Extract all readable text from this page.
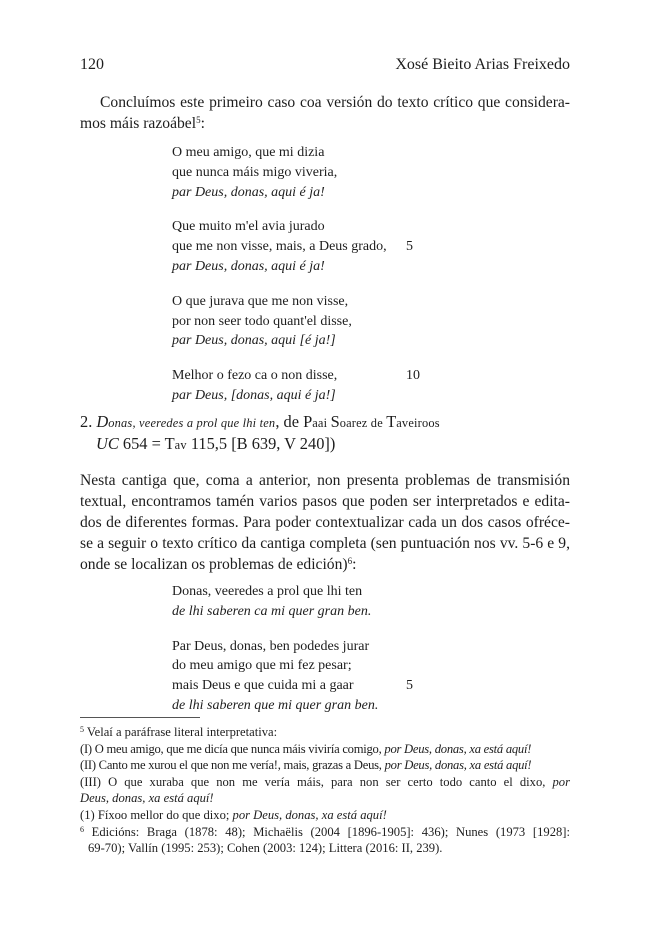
120	Xosé Bieito Arias Freixedo
Concluímos este primeiro caso coa versión do texto crítico que considera-
mos máis razoábel$^5$:
O meu amigo, que mi dizia
que nunca máis migo viveria,
par Deus, donas, aqui é ja!
Que muito m'el avia jurado
que me non visse, mais, a Deus grado, 5
par Deus, donas, aqui é ja!
O que jurava que me non visse,
por non seer todo quant'el disse,
par Deus, donas, aqui [é ja!]
Melhor o fezo ca o non disse,	10
par Deus, [donas, aqui é ja!]
2. Donas, veeredes a prol que lhi ten, de Paai Soarez de Taveiroos
UC 654 = Tav 115,5 [B 639, V 240])
Nesta cantiga que, coma a anterior, non presenta problemas de transmisión
textual, encontramos tamén varios pasos que poden ser interpretados e edita-
dos de diferentes formas. Para poder contextualizar cada un dos casos ofréce-
se a seguir o texto crítico da cantiga completa (sen puntuación nos vv. 5-6 e 9,
onde se localizan os problemas de edición)$^6$:
Donas, veeredes a prol que lhi ten
de lhi saberen ca mi quer gran ben.
Par Deus, donas, ben podedes jurar
do meu amigo que mi fez pesar;
mais Deus e que cuida mi a gaar	5
de lhi saberen que mi quer gran ben.
$^5$ Velaí a paráfrase literal interpretativa:
(I) O meu amigo, que me dicía que nunca máis viviría comigo, por Deus, donas, xa está aquí!
(II) Canto me xurou el que non me vería!, mais, grazas a Deus, por Deus, donas, xa está aquí!
(III) O que xuraba que non me vería máis, para non ser certo todo canto el dixo, por
Deus, donas, xa está aquí!
(1) Fíxoo mellor do que dixo; por Deus, donas, xa está aquí!
$^6$ Edicións: Braga (1878: 48); Michaëlis (2004 [1896-1905]: 436); Nunes (1973 [1928]:
69-70); Vallín (1995: 253); Cohen (2003: 124); Littera (2016: II, 239).
